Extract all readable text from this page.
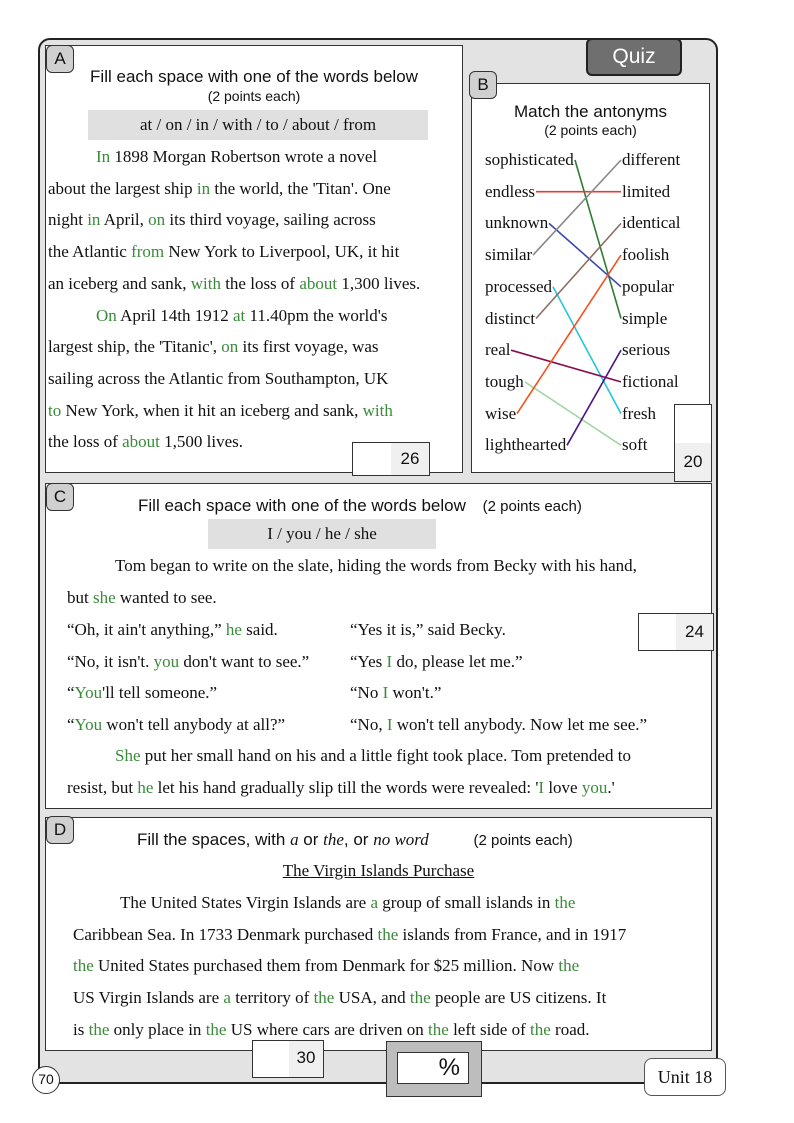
Quiz
Fill each space with one of the words below
(2 points each)
at / on / in / with / to / about / from
26
In 1898 Morgan Robertson wrote a novel
about the largest ship in the world, the 'Titan'. One
night in April, on its third voyage, sailing across
the Atlantic from New York to Liverpool, UK, it hit
an iceberg and sank, with the loss of about 1,300 lives.
On April 14th 1912 at 11.40pm the world's
largest ship, the 'Titanic', on its first voyage, was
sailing across the Atlantic from Southampton, UK
to New York, when it hit an iceberg and sank, with
the loss of about 1,500 lives.
A
Match the antonyms
(2 points each)
20
sophisticated
endless
unknown
similar
processed
distinct
real
tough
wise
lighthearted
different
limited
identical
foolish
popular
simple
serious
fictional
fresh
soft
B
Fill each space with one of the words below (2 points each)
I / you / he / she
24
Tom began to write on the slate, hiding the words from Becky with his hand,
but she wanted to see.
“Oh, it ain't anything,” he said.	“Yes it is,” said Becky.
“No, it isn't. you don't want to see.” “Yes I do, please let me.”
“You'll tell someone.”	“No I won't.”
“You won't tell anybody at all?”	“No, I won't tell anybody. Now let me see.”
She put her small hand on his and a little fight took place. Tom pretended to
resist, but he let his hand gradually slip till the words were revealed: 'I love you.'
C
Fill the spaces, with a or the, or no word	(2 points each)
The Virgin Islands Purchase
The United States Virgin Islands are a group of small islands in the
Caribbean Sea. In 1733 Denmark purchased the islands from France, and in 1917
the United States purchased them from Denmark for $25 million. Now the
US Virgin Islands are a territory of the USA, and the people are US citizens. It
is the only place in the US where cars are driven on the left side of the road.
D
30	%
70	Unit 18
